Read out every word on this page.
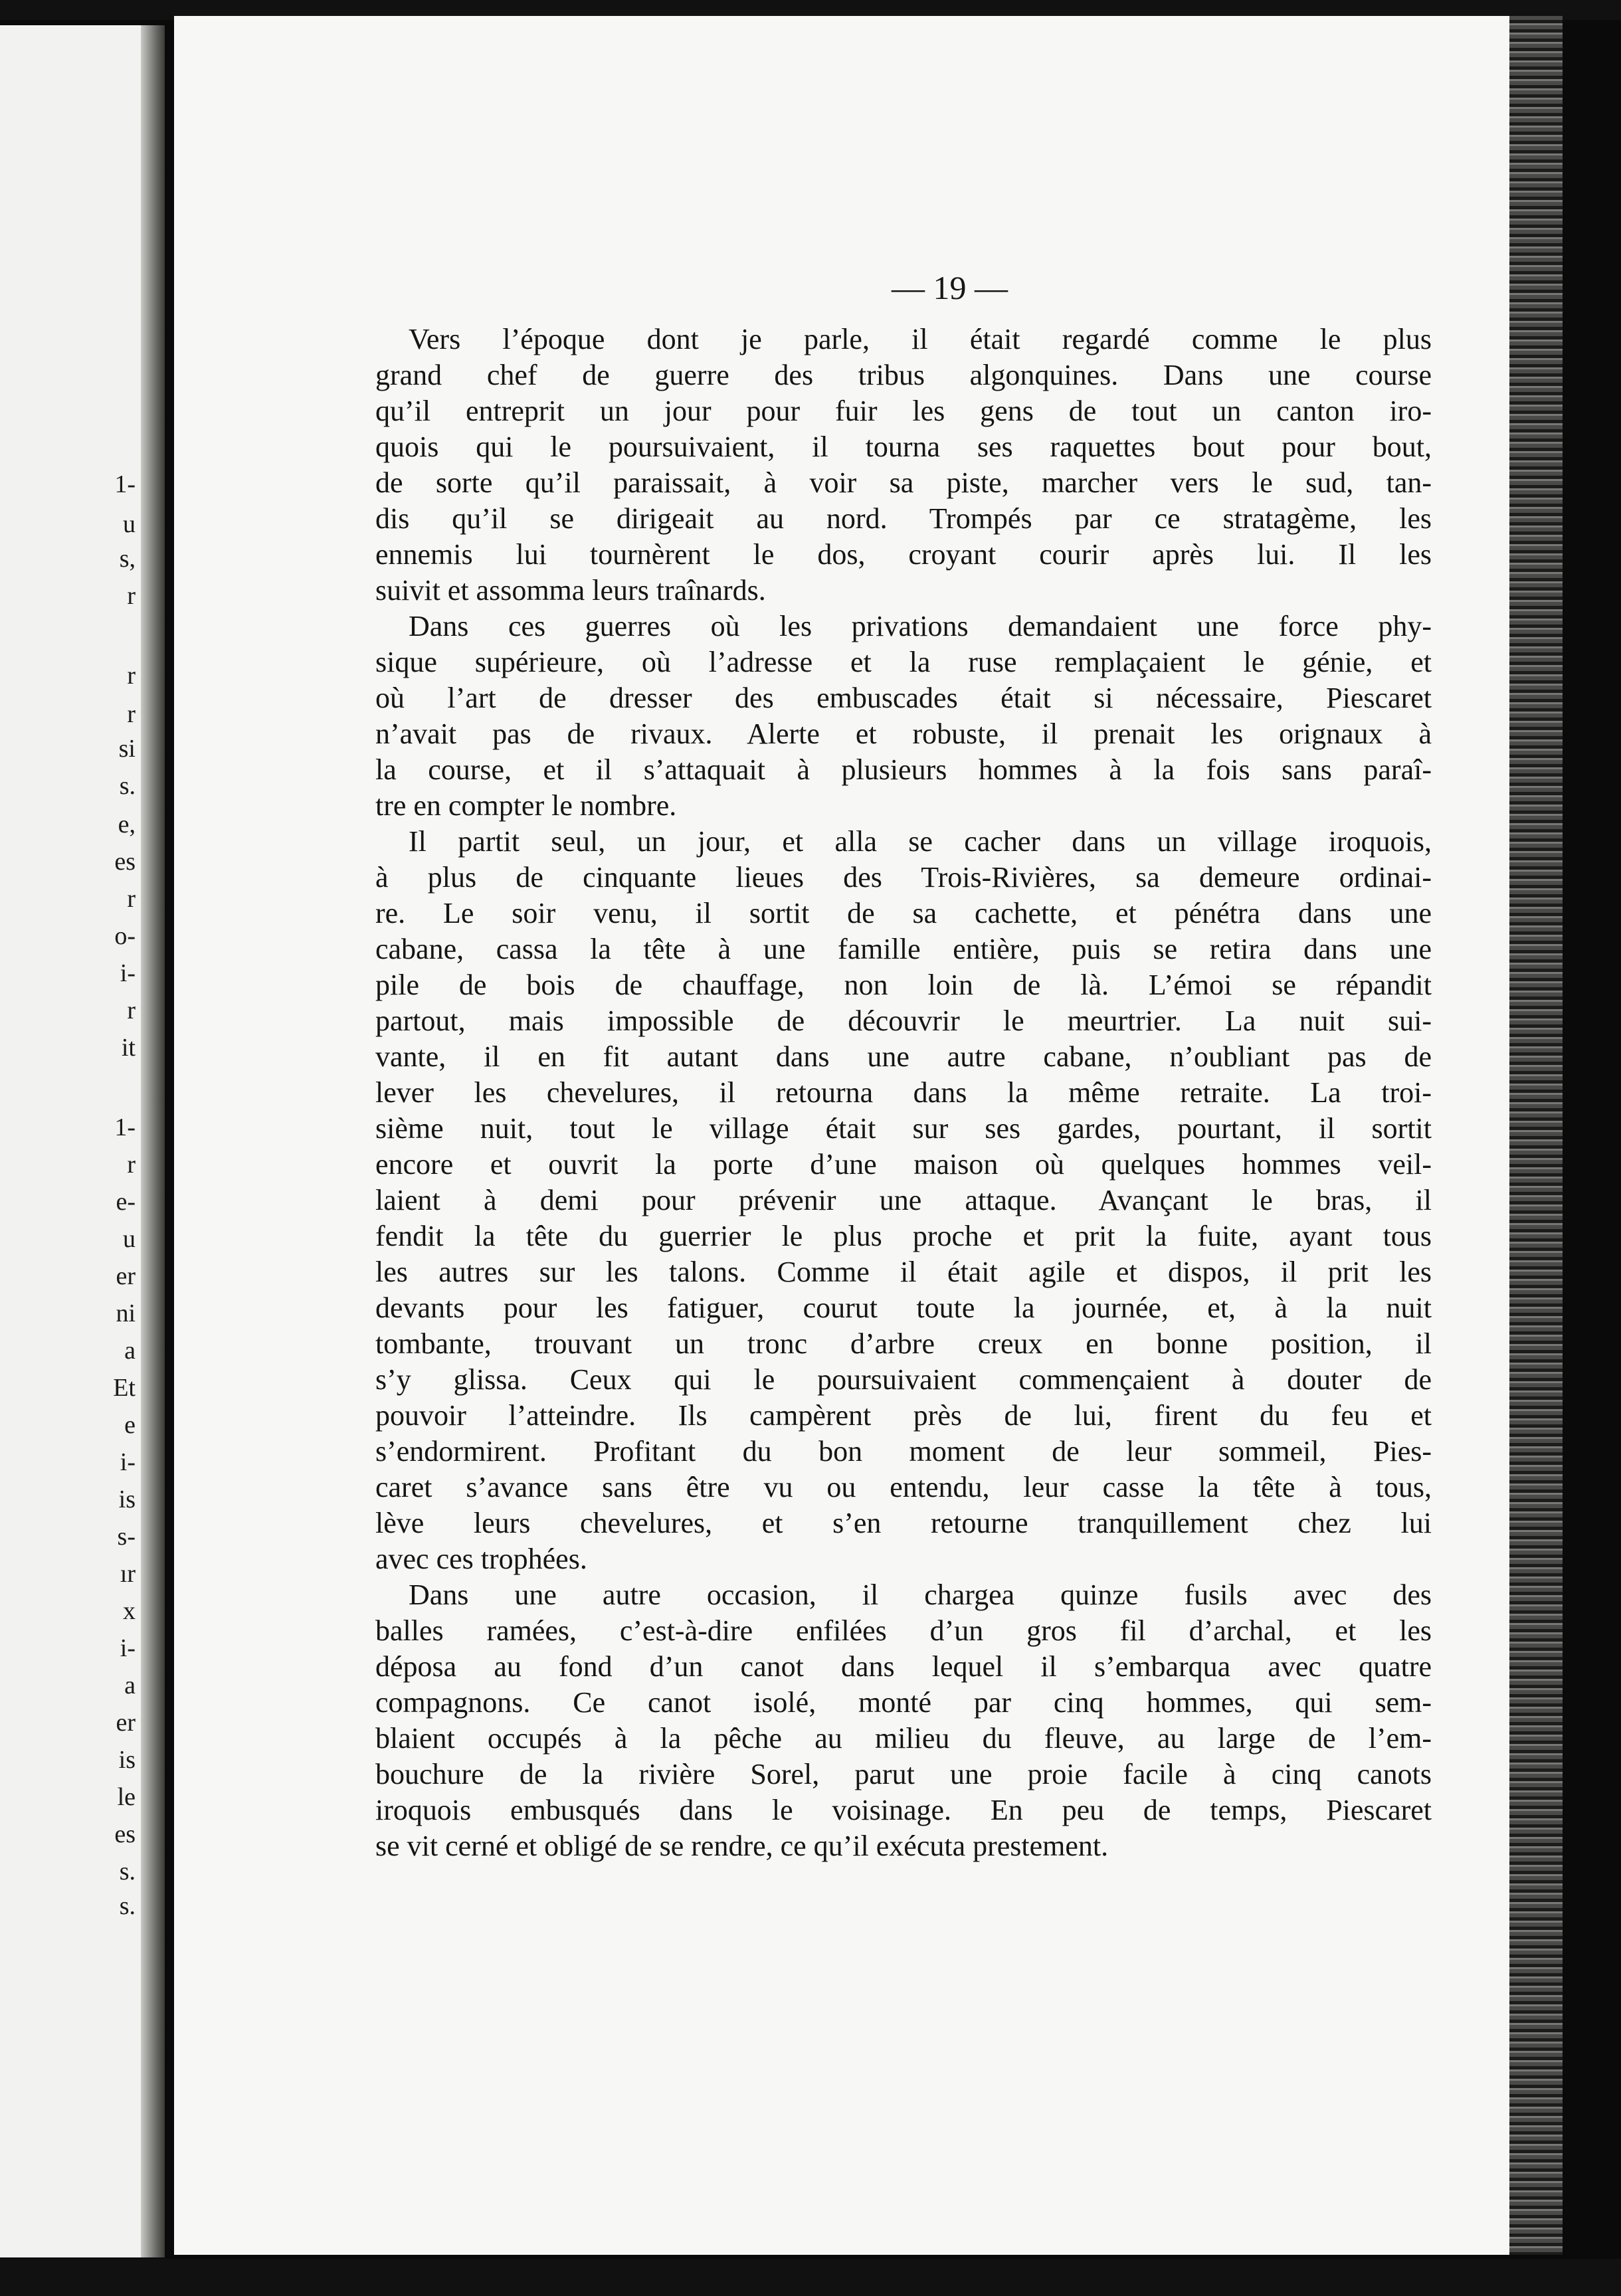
1-

u

s,

r

r

r

si

s.

e,

es

r

o-

i-

r

it

1-

r

e-

u

er

ni

a

Et

e

i-

is

s-

ır

x

i-

a

er

is

le

es

s.

s.

— 19 —

Vers l’époque dont je parle, il était regardé comme le plus

grand chef de guerre des tribus algonquines. Dans une course

qu’il entreprit un jour pour fuir les gens de tout un canton iro-

quois qui le poursuivaient, il tourna ses raquettes bout pour bout,

de sorte qu’il paraissait, à voir sa piste, marcher vers le sud, tan-

dis qu’il se dirigeait au nord. Trompés par ce stratagème, les

ennemis lui tournèrent le dos, croyant courir après lui. Il les

suivit et assomma leurs traînards.

Dans ces guerres où les privations demandaient une force phy-

sique supérieure, où l’adresse et la ruse remplaçaient le génie, et

où l’art de dresser des embuscades était si nécessaire, Piescaret

n’avait pas de rivaux. Alerte et robuste, il prenait les orignaux à

la course, et il s’attaquait à plusieurs hommes à la fois sans paraî-

tre en compter le nombre.

Il partit seul, un jour, et alla se cacher dans un village iroquois,

à plus de cinquante lieues des Trois-Rivières, sa demeure ordinai-

re. Le soir venu, il sortit de sa cachette, et pénétra dans une

cabane, cassa la tête à une famille entière, puis se retira dans une

pile de bois de chauffage, non loin de là. L’émoi se répandit

partout, mais impossible de découvrir le meurtrier. La nuit sui-

vante, il en fit autant dans une autre cabane, n’oubliant pas de

lever les chevelures, il retourna dans la même retraite. La troi-

sième nuit, tout le village était sur ses gardes, pourtant, il sortit

encore et ouvrit la porte d’une maison où quelques hommes veil-

laient à demi pour prévenir une attaque. Avançant le bras, il

fendit la tête du guerrier le plus proche et prit la fuite, ayant tous

les autres sur les talons. Comme il était agile et dispos, il prit les

devants pour les fatiguer, courut toute la journée, et, à la nuit

tombante, trouvant un tronc d’arbre creux en bonne position, il

s’y glissa. Ceux qui le poursuivaient commençaient à douter de

pouvoir l’atteindre. Ils campèrent près de lui, firent du feu et

s’endormirent. Profitant du bon moment de leur sommeil, Pies-

caret s’avance sans être vu ou entendu, leur casse la tête à tous,

lève leurs chevelures, et s’en retourne tranquillement chez lui

avec ces trophées.

Dans une autre occasion, il chargea quinze fusils avec des

balles ramées, c’est-à-dire enfilées d’un gros fil d’archal, et les

déposa au fond d’un canot dans lequel il s’embarqua avec quatre

compagnons. Ce canot isolé, monté par cinq hommes, qui sem-

blaient occupés à la pêche au milieu du fleuve, au large de l’em-

bouchure de la rivière Sorel, parut une proie facile à cinq canots

iroquois embusqués dans le voisinage. En peu de temps, Piescaret

se vit cerné et obligé de se rendre, ce qu’il exécuta prestement.
